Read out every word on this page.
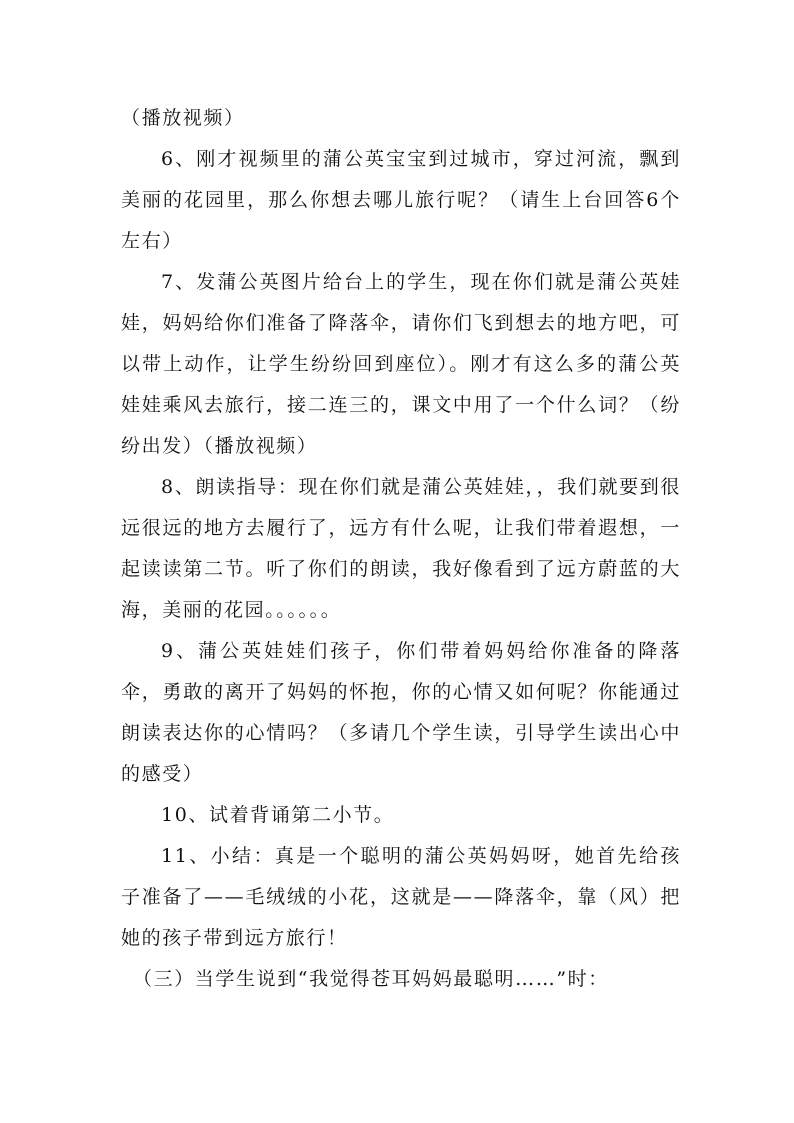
（播放视频）

6、刚才视频里的蒲公英宝宝到过城市，穿过河流，飘到美丽的花园里，那么你想去哪儿旅行呢？（请生上台回答6个左右）

7、发蒲公英图片给台上的学生，现在你们就是蒲公英娃娃，妈妈给你们准备了降落伞，请你们飞到想去的地方吧，可以带上动作，让学生纷纷回到座位）。刚才有这么多的蒲公英娃娃乘风去旅行，接二连三的，课文中用了一个什么词？（纷纷出发）（播放视频）

8、朗读指导：现在你们就是蒲公英娃娃，，我们就要到很远很远的地方去履行了，远方有什么呢，让我们带着遐想，一起读读第二节。听了你们的朗读，我好像看到了远方蔚蓝的大海，美丽的花园。。。。。。

9、蒲公英娃娃们孩子，你们带着妈妈给你准备的降落伞，勇敢的离开了妈妈的怀抱，你的心情又如何呢？你能通过朗读表达你的心情吗？（多请几个学生读，引导学生读出心中的感受）

10、试着背诵第二小节。

11、小结：真是一个聪明的蒲公英妈妈呀，她首先给孩子准备了——毛绒绒的小花，这就是——降落伞，靠（风）把她的孩子带到远方旅行！

（三）当学生说到“我觉得苍耳妈妈最聪明……”时：
